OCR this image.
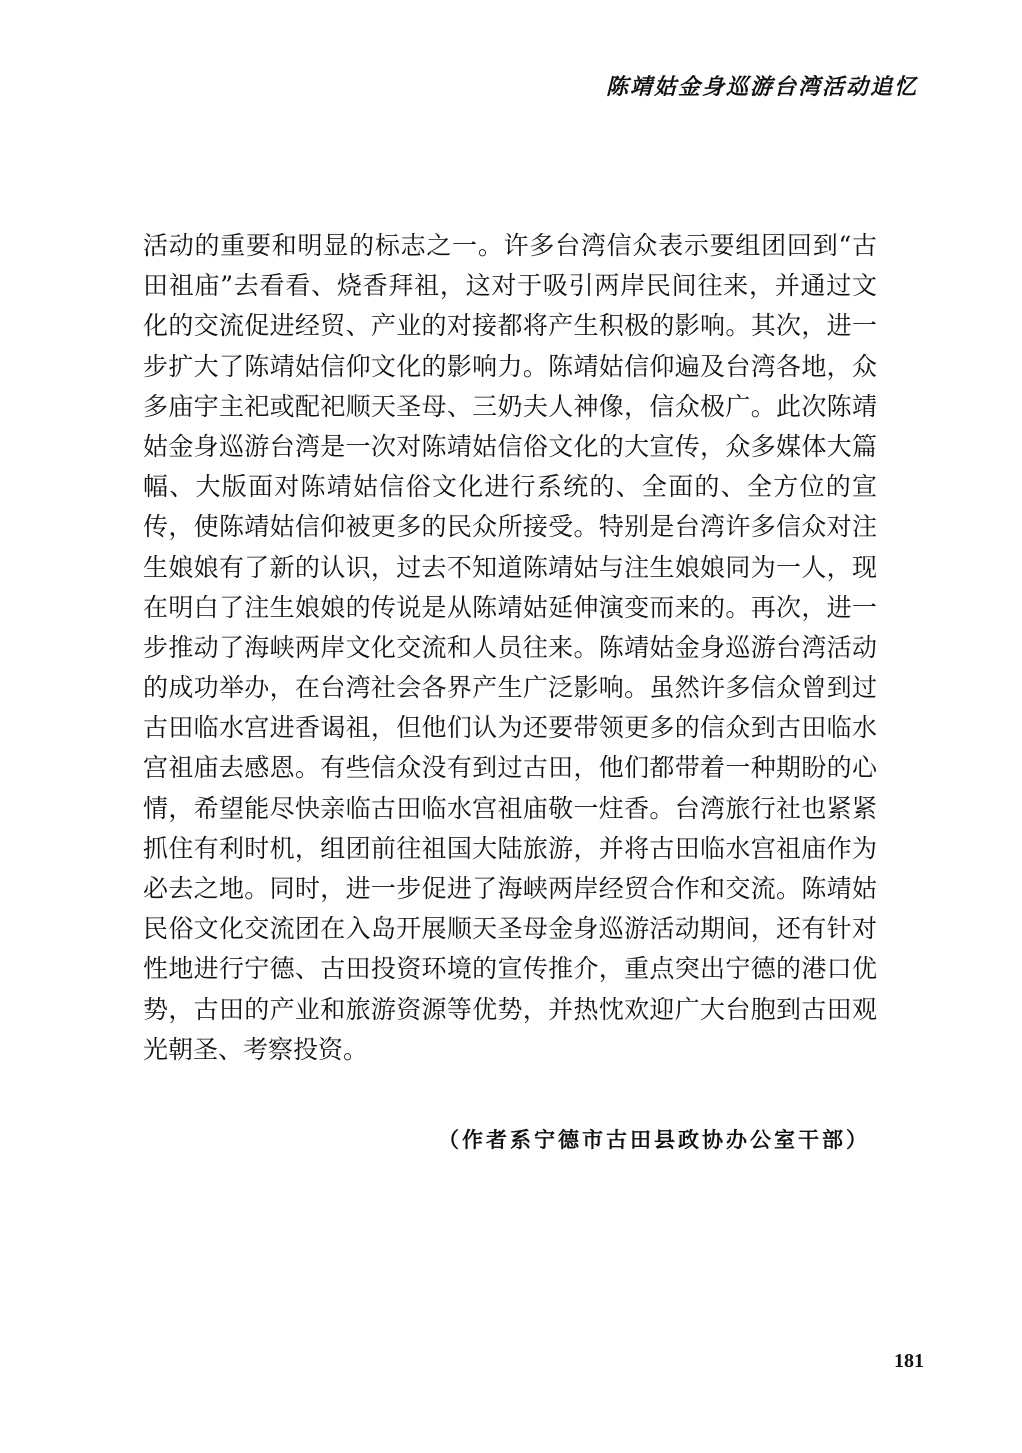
陈靖姑金身巡游台湾活动追忆
活动的重要和明显的标志之一。许多台湾信众表示要组团回到“古
田祖庙”去看看、烧香拜祖，这对于吸引两岸民间往来，并通过文
化的交流促进经贸、产业的对接都将产生积极的影响。其次，进一
步扩大了陈靖姑信仰文化的影响力。陈靖姑信仰遍及台湾各地，众
多庙宇主祀或配祀顺天圣母、三奶夫人神像，信众极广。此次陈靖
姑金身巡游台湾是一次对陈靖姑信俗文化的大宣传，众多媒体大篇
幅、大版面对陈靖姑信俗文化进行系统的、全面的、全方位的宣
传，使陈靖姑信仰被更多的民众所接受。特别是台湾许多信众对注
生娘娘有了新的认识，过去不知道陈靖姑与注生娘娘同为一人，现
在明白了注生娘娘的传说是从陈靖姑延伸演变而来的。再次，进一
步推动了海峡两岸文化交流和人员往来。陈靖姑金身巡游台湾活动
的成功举办，在台湾社会各界产生广泛影响。虽然许多信众曾到过
古田临水宫进香谒祖，但他们认为还要带领更多的信众到古田临水
宫祖庙去感恩。有些信众没有到过古田，他们都带着一种期盼的心
情，希望能尽快亲临古田临水宫祖庙敬一炷香。台湾旅行社也紧紧
抓住有利时机，组团前往祖国大陆旅游，并将古田临水宫祖庙作为
必去之地。同时，进一步促进了海峡两岸经贸合作和交流。陈靖姑
民俗文化交流团在入岛开展顺天圣母金身巡游活动期间，还有针对
性地进行宁德、古田投资环境的宣传推介，重点突出宁德的港口优
势，古田的产业和旅游资源等优势，并热忱欢迎广大台胞到古田观
光朝圣、考察投资。
（作者系宁德市古田县政协办公室干部）
181
